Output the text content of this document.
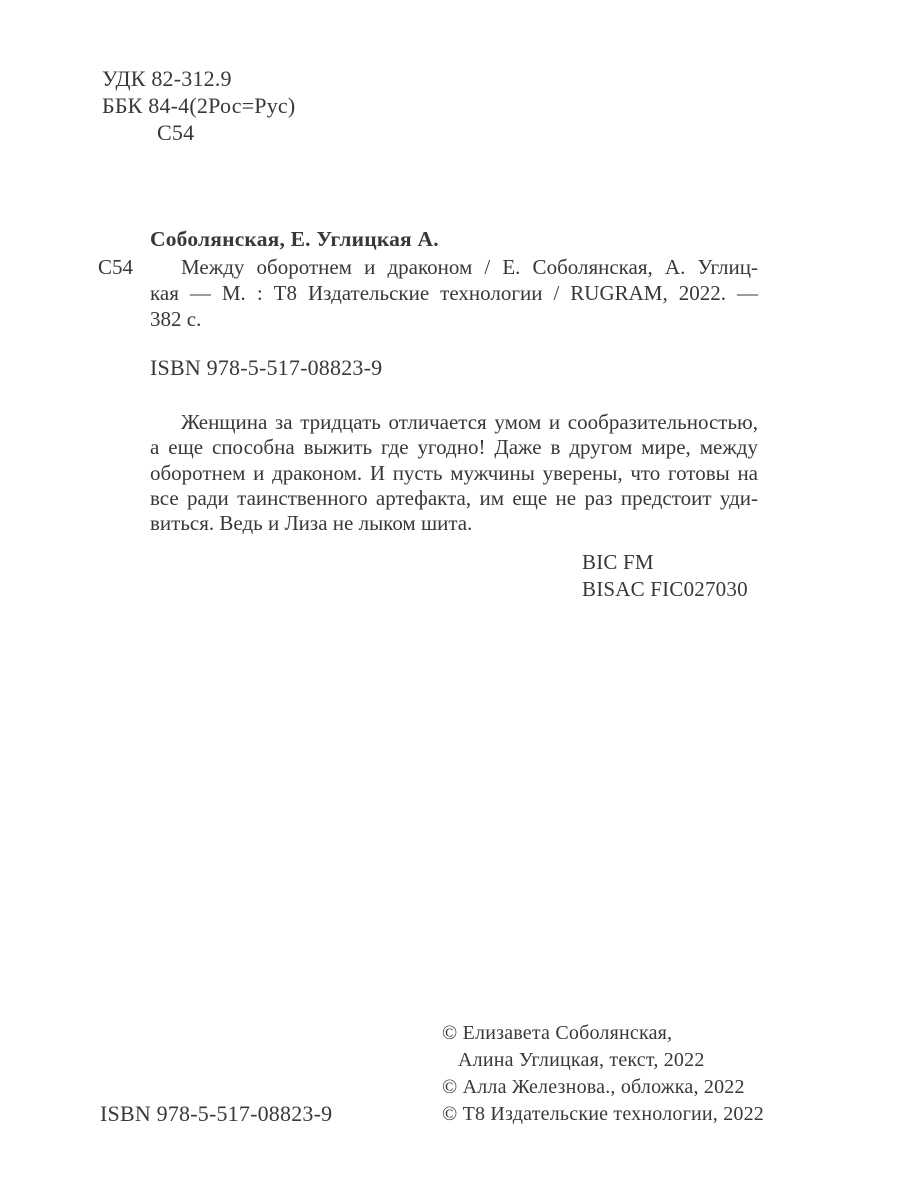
УДК 82-312.9
ББК 84-4(2Рос=Рус)
С54
Соболянская, Е. Углицкая А.
С54	Между оборотнем и драконом / Е. Соболянская, А. Углиц-
кая — М. : Т8 Издательские технологии / RUGRAM, 2022. —
382 с.
ISBN 978-5-517-08823-9
Женщина за тридцать отличается умом и сообразительностью,
а еще способна выжить где угодно! Даже в другом мире, между
оборотнем и драконом. И пусть мужчины уверены, что готовы на
все ради таинственного артефакта, им еще не раз предстоит уди-
виться. Ведь и Лиза не лыком шита.
BIC FM
BISAC FIC027030
© Елизавета Соболянская,
Алина Углицкая, текст, 2022
© Алла Железнова., обложка, 2022
© Т8 Издательские технологии, 2022
ISBN 978-5-517-08823-9
